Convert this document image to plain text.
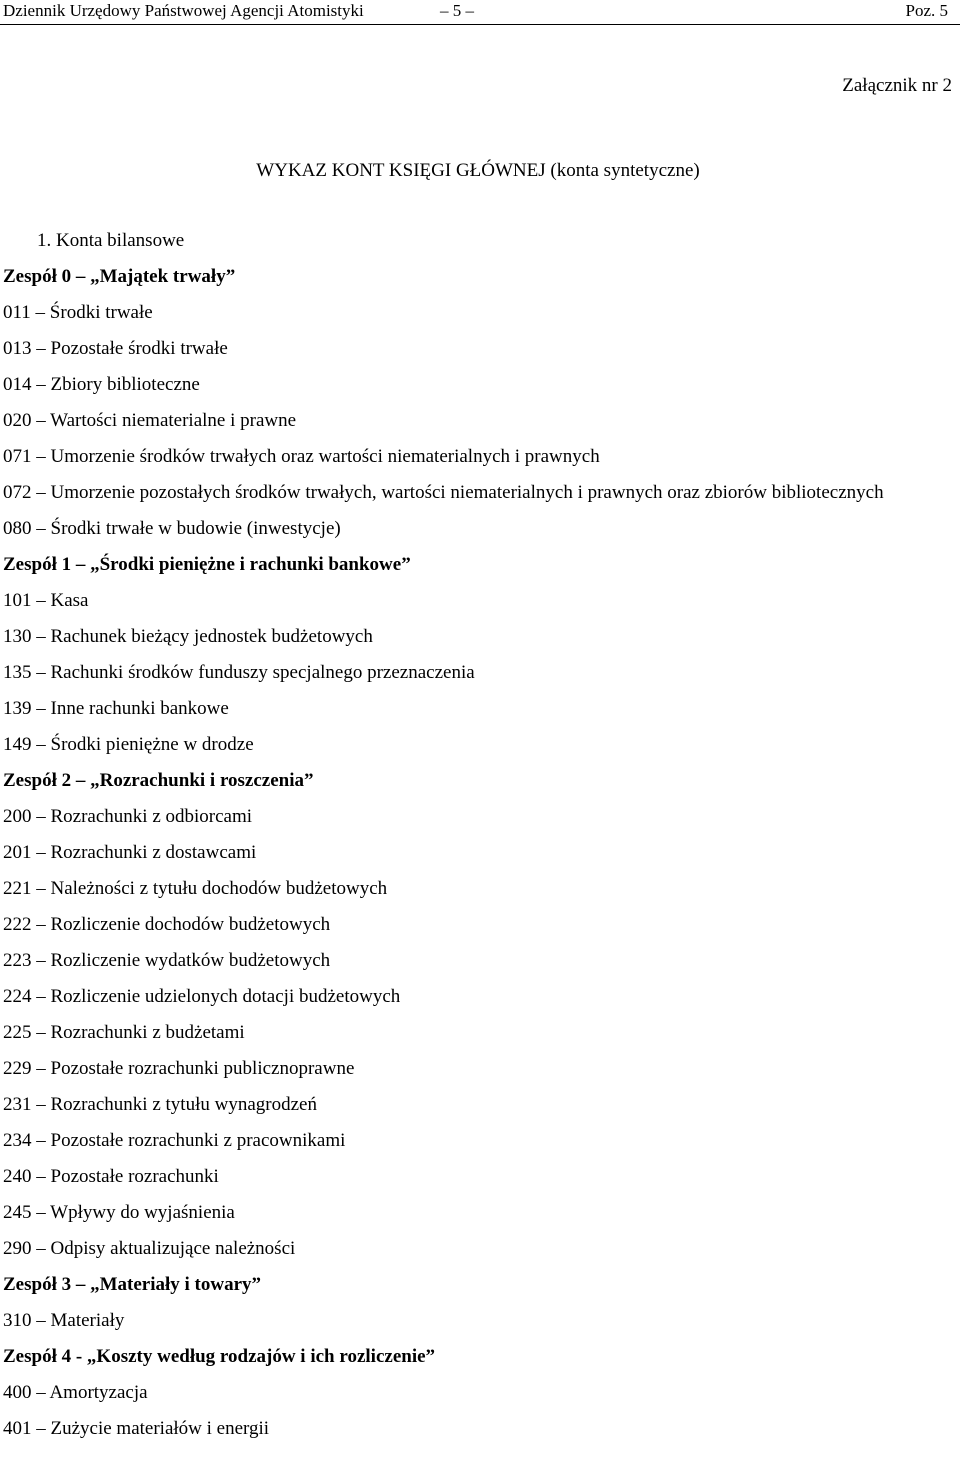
Dziennik Urzędowy Państwowej Agencji Atomistyki	– 5 –	Poz. 5
Załącznik nr 2
WYKAZ KONT KSIĘGI GŁÓWNEJ (konta syntetyczne)
1. Konta bilansowe
Zespół 0 – „Majątek trwały”
011 – Środki trwałe
013 – Pozostałe środki trwałe
014 – Zbiory biblioteczne
020 – Wartości niematerialne i prawne
071 – Umorzenie środków trwałych oraz wartości niematerialnych i prawnych
072 – Umorzenie pozostałych środków trwałych, wartości niematerialnych i prawnych oraz zbiorów bibliotecznych
080 – Środki trwałe w budowie (inwestycje)
Zespół 1 – „Środki pieniężne i rachunki bankowe”
101 – Kasa
130 – Rachunek bieżący jednostek budżetowych
135 – Rachunki środków funduszy specjalnego przeznaczenia
139 – Inne rachunki bankowe
149 – Środki pieniężne w drodze
Zespół 2 – „Rozrachunki i roszczenia”
200 – Rozrachunki z odbiorcami
201 – Rozrachunki z dostawcami
221 – Należności z tytułu dochodów budżetowych
222 – Rozliczenie dochodów budżetowych
223 – Rozliczenie wydatków budżetowych
224 – Rozliczenie udzielonych dotacji budżetowych
225 – Rozrachunki z budżetami
229 – Pozostałe rozrachunki publicznoprawne
231 – Rozrachunki z tytułu wynagrodzeń
234 – Pozostałe rozrachunki z pracownikami
240 – Pozostałe rozrachunki
245 – Wpływy do wyjaśnienia
290 – Odpisy aktualizujące należności
Zespół 3 – „Materiały i towary”
310 – Materiały
Zespół 4 - „Koszty według rodzajów i ich rozliczenie”
400 – Amortyzacja
401 – Zużycie materiałów i energii
